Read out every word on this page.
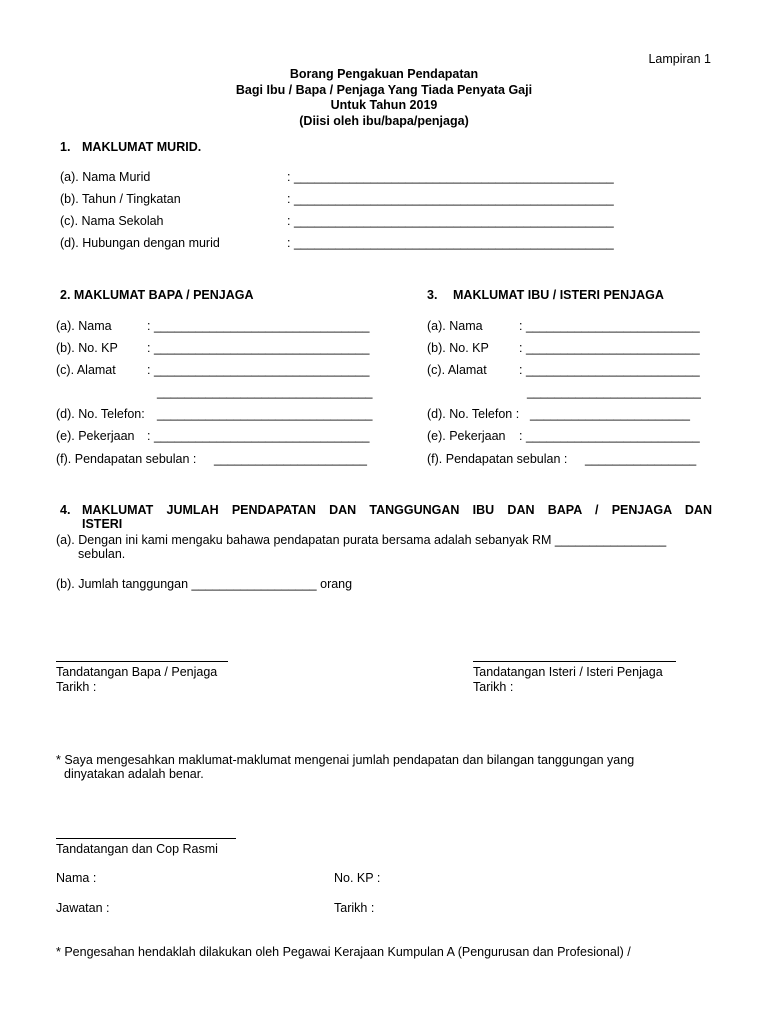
Lampiran 1
Borang Pengakuan Pendapatan
Bagi Ibu / Bapa / Penjaga Yang Tiada Penyata Gaji
Untuk Tahun 2019
(Diisi oleh ibu/bapa/penjaga)
1. MAKLUMAT MURID.
(a). Nama Murid	: ______________________________________________
(b). Tahun / Tingkatan	: ______________________________________________
(c). Nama Sekolah	: ______________________________________________
(d). Hubungan dengan murid	: ______________________________________________
2. MAKLUMAT BAPA / PENJAGA
(a). Nama	: _______________________________
(b). No. KP : _______________________________
(c). Alamat	: _______________________________
_______________________________
(d). No. Telefon: _______________________________
(e). Pekerjaan : _______________________________
(f). Pendapatan sebulan : ______________________
3. MAKLUMAT IBU / ISTERI PENJAGA
(a). Nama	: _________________________
(b). No. KP : _________________________
(c). Alamat	: _________________________
_________________________
(d). No. Telefon : _______________________
(e). Pekerjaan : _________________________
(f). Pendapatan sebulan : ________________
4. MAKLUMAT JUMLAH PENDAPATAN DAN TANGGUNGAN IBU DAN BAPA / PENJAGA DAN
ISTERI
(a). Dengan ini kami mengaku bahawa pendapatan purata bersama adalah sebanyak RM ________________
sebulan.
(b). Jumlah tanggungan __________________ orang
Tandatangan Bapa / Penjaga
Tarikh :
Tandatangan Isteri / Isteri Penjaga
Tarikh :
* Saya mengesahkan maklumat-maklumat mengenai jumlah pendapatan dan bilangan tanggungan yang
dinyatakan adalah benar.
Tandatangan dan Cop Rasmi
Nama :	No. KP :
Jawatan :	Tarikh :
* Pengesahan hendaklah dilakukan oleh Pegawai Kerajaan Kumpulan A (Pengurusan dan Profesional) /
